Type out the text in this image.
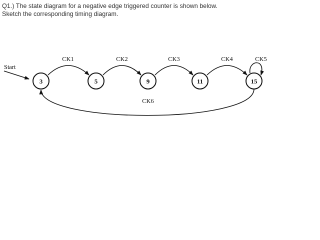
Q1.) The state diagram for a negative edge triggered counter is shown below.
Sketch the corresponding timing diagram.
Start
3	5	9	11	15
CK1	CK2	CK3	CK4	CK5
CK6
